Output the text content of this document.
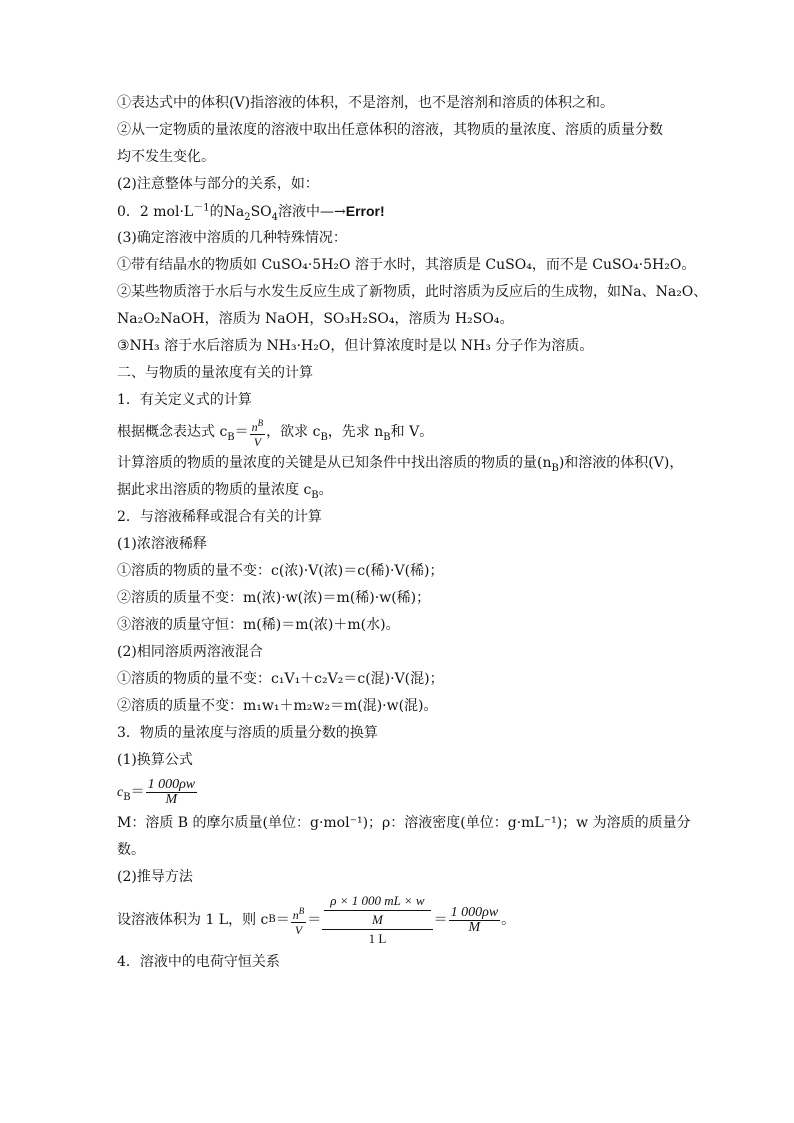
①表达式中的体积(V)指溶液的体积，不是溶剂，也不是溶剂和溶质的体积之和。
②从一定物质的量浓度的溶液中取出任意体积的溶液，其物质的量浓度、溶质的质量分数
均不发生变化。
(2)注意整体与部分的关系，如：
0．2 $mol\cdot L^{-1}$的$Na_2SO_4$溶液中—→Error!
(3)确定溶液中溶质的几种特殊情况：
①带有结晶水的物质如 CuSO₄·5H₂O 溶于水时，其溶质是 CuSO₄，而不是 CuSO₄·5H₂O。
②某些物质溶于水后与水发生反应生成了新物质，此时溶质为反应后的生成物，如Na、Na₂O、
Na₂O₂NaOH，溶质为 NaOH，SO₃H₂SO₄，溶质为 H₂SO₄。
③NH₃ 溶于水后溶质为 NH₃·H₂O，但计算浓度时是以 NH₃ 分子作为溶质。
二、与物质的量浓度有关的计算
1．有关定义式的计算
根据概念表达式 $c_B= \frac{n^B}{V}$ ，欲求 $c_B$，先求 $n_B$和 V。
计算溶质的物质的量浓度的关键是从已知条件中找出溶质的物质的量$(n_B)$和溶液的体积(V)，
据此求出溶质的物质的量浓度 $c_B$。
2．与溶液稀释或混合有关的计算
(1)浓溶液稀释
①溶质的物质的量不变：c(浓)·V(浓)＝c(稀)·V(稀)；
②溶质的质量不变：m(浓)·w(浓)＝m(稀)·w(稀)；
③溶液的质量守恒：m(稀)＝m(浓)＋m(水)。
(2)相同溶质两溶液混合
①溶质的物质的量不变：c₁V₁＋c₂V₂＝c(混)·V(混)；
②溶质的质量不变：m₁w₁＋m₂w₂＝m(混)·w(混)。
3．物质的量浓度与溶质的质量分数的换算
(1)换算公式
$c_B= \frac{1 000\rho w}{M}$
M：溶质 B 的摩尔质量(单位：g·mol⁻¹)；ρ：溶液密度(单位：g·mL⁻¹)；w 为溶质的质量分
数。
(2)推导方法
设溶液体积为 1 L，则 c $B = \frac{n^B}{V} = \frac{\frac{\rho \times 1 000 mL \times w}{M}}{1 L} = \frac{1 000\rho w}{M}$ 。
4．溶液中的电荷守恒关系
